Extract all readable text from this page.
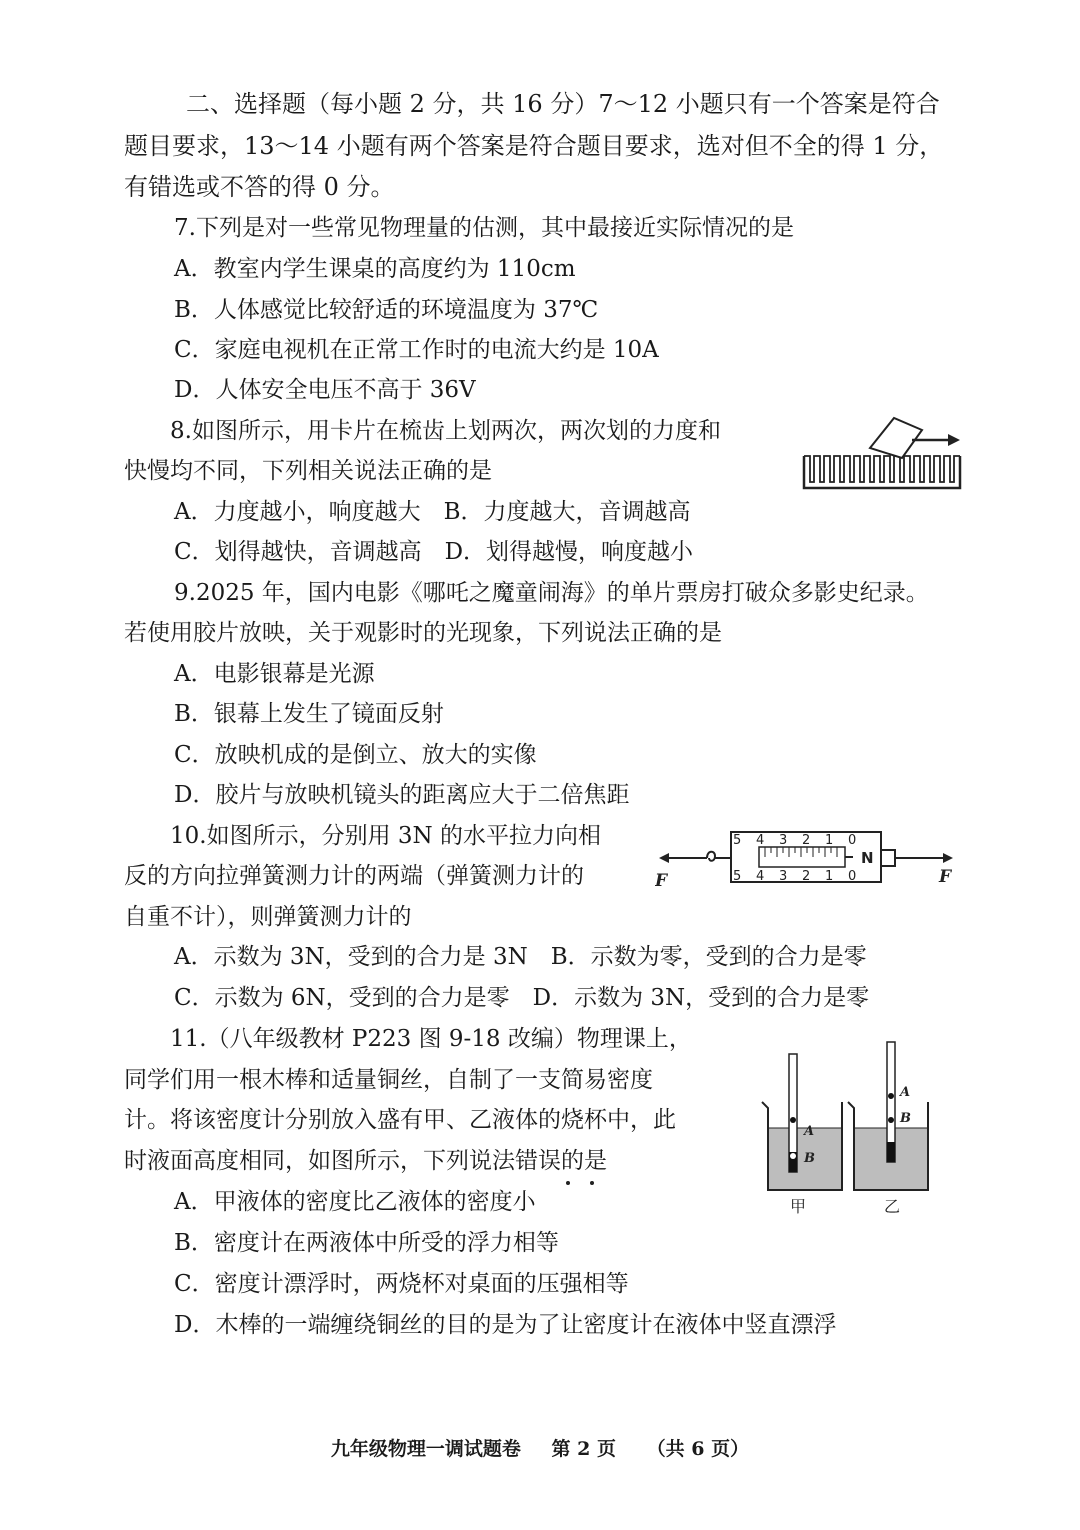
二、选择题（每小题 2 分，共 16 分）7～12 小题只有一个答案是符合
题目要求，13～14 小题有两个答案是符合题目要求，选对但不全的得 1 分，
有错选或不答的得 0 分。
7.下列是对一些常见物理量的估测，其中最接近实际情况的是
A．教室内学生课桌的高度约为 110cm
B．人体感觉比较舒适的环境温度为 37℃
C．家庭电视机在正常工作时的电流大约是 10A
D．人体安全电压不高于 36V
8.如图所示，用卡片在梳齿上划两次，两次划的力度和
快慢均不同，下列相关说法正确的是
A．力度越小，响度越大　B．力度越大，音调越高
C．划得越快，音调越高　D．划得越慢，响度越小
9.2025 年，国内电影《哪吒之魔童闹海》的单片票房打破众多影史纪录。
若使用胶片放映，关于观影时的光现象，下列说法正确的是
A．电影银幕是光源
B．银幕上发生了镜面反射
C．放映机成的是倒立、放大的实像
D．胶片与放映机镜头的距离应大于二倍焦距
10.如图所示，分别用 3N 的水平拉力向相
反的方向拉弹簧测力计的两端（弹簧测力计的
自重不计），则弹簧测力计的
A．示数为 3N，受到的合力是 3N　B．示数为零，受到的合力是零
C．示数为 6N，受到的合力是零　D．示数为 3N，受到的合力是零
5 4 3 2 1 0
5 4 3 2 1 0
N
F	F
11.（八年级教材 P223 图 9-18 改编）物理课上，
同学们用一根木棒和适量铜丝，自制了一支简易密度
计。将该密度计分别放入盛有甲、乙液体的烧杯中，此
时液面高度相同，如图所示，下列说法错误的是
A．甲液体的密度比乙液体的密度小
B．密度计在两液体中所受的浮力相等
C．密度计漂浮时，两烧杯对桌面的压强相等
D．木棒的一端缠绕铜丝的目的是为了让密度计在液体中竖直漂浮
A
B
A
B
甲	乙
九年级物理一调试题卷 第 2 页 （共 6 页）
